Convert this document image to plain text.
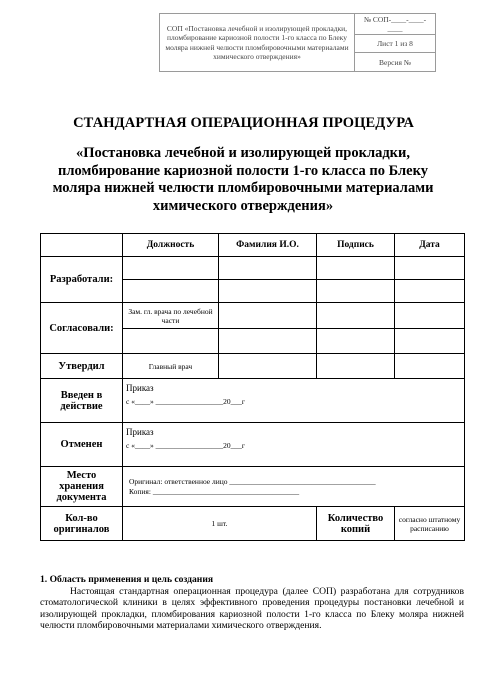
СОП «Постановка лечебной и изолирующей прокладки, пломбирование кариозной полости 1-го класса по Блеку моляра нижней челюсти пломбировочными материалами химического отверждения»	№ СОП-____-____-____
Лист 1 из 8
Версия №
СТАНДАРТНАЯ ОПЕРАЦИОННАЯ ПРОЦЕДУРА
«Постановка лечебной и изолирующей прокладки, пломбирование кариозной полости 1-го класса по Блеку моляра нижней челюсти пломбировочными материалами химического отверждения»
	Должность	Фамилия И.О.	Подпись	Дата
Разработали:				

Согласовали:	Зам. гл. врача по лечебной части			

Утвердил	Главный врач			
Введен в действие	Приказ
с «____» __________________20___г			

Отменен	Приказ
с «____» __________________20___г			

Место хранения документа	Оригинал: ответственное лицо _______________________________________
Копия: _______________________________________			

Кол-во оригиналов	1 шт.		Количество копий	согласно штатному расписанию
1. Область применения и цель создания
Настоящая стандартная операционная процедура (далее СОП) разработана для сотрудников стоматологической клиники в целях эффективного проведения процедуры постановки лечебной и изолирующей прокладки, пломбирования кариозной полости 1-го класса по Блеку моляра нижней челюсти пломбировочными материалами химического отверждения.
